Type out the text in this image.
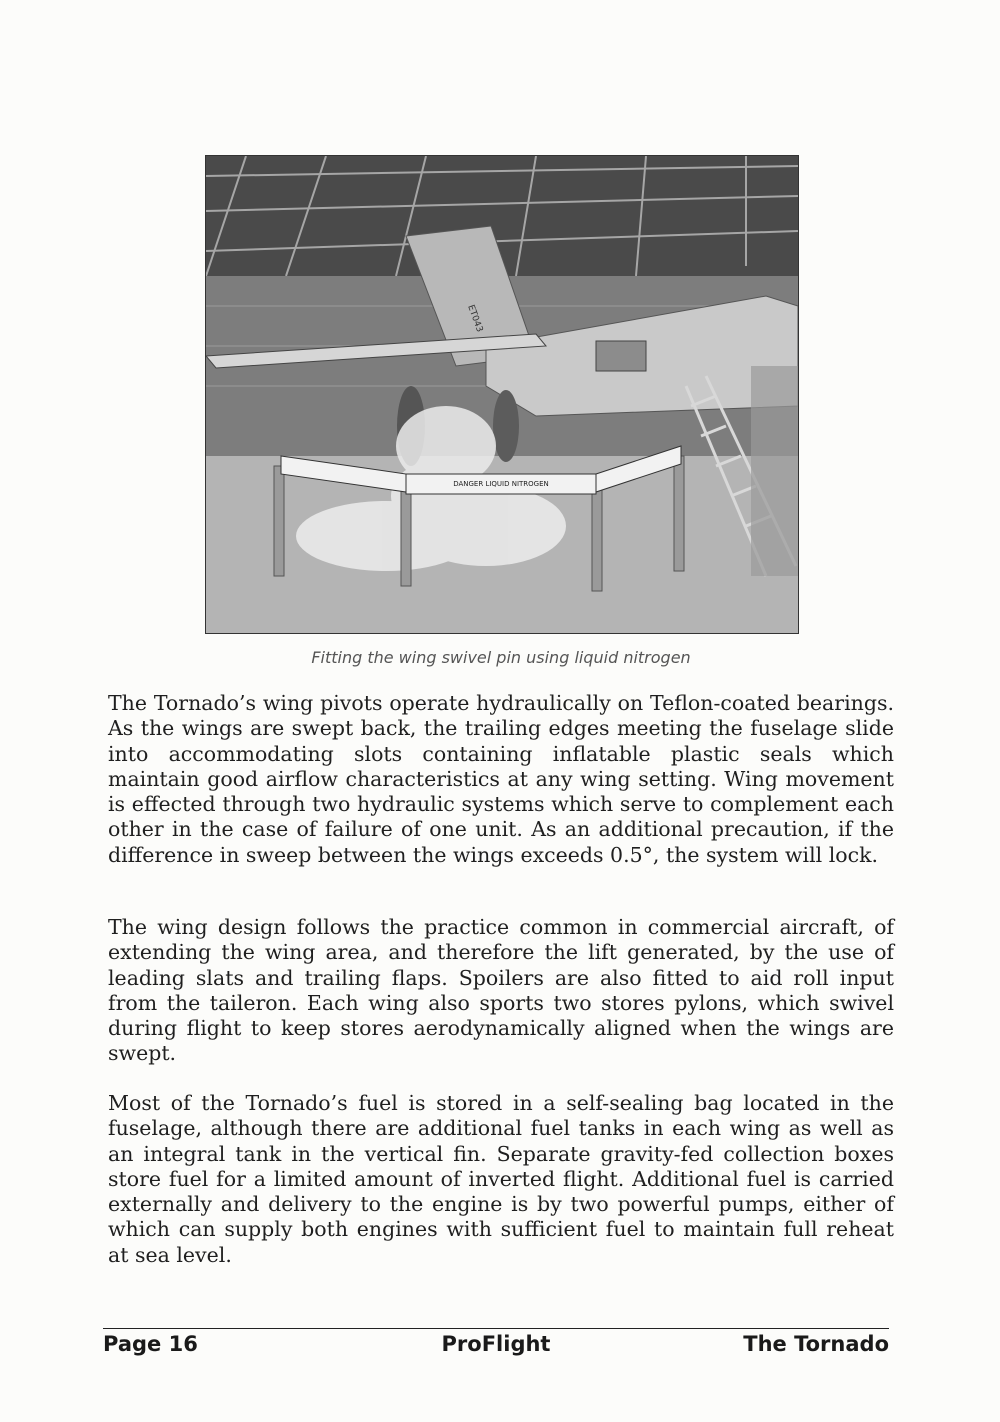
ET043
DANGER LIQUID NITROGEN
Fitting the wing swivel pin using liquid nitrogen
The Tornado’s wing pivots operate hydraulically on Teflon-coated bearings. As the wings are swept back, the trailing edges meeting the fuselage slide into accommodating slots containing inflatable plastic seals which maintain good airflow characteristics at any wing setting. Wing movement is effected through two hydraulic systems which serve to complement each other in the case of failure of one unit. As an additional precaution, if the difference in sweep between the wings exceeds 0.5°, the system will lock.
The wing design follows the practice common in commercial aircraft, of extending the wing area, and therefore the lift generated, by the use of leading slats and trailing flaps. Spoilers are also fitted to aid roll input from the taileron. Each wing also sports two stores pylons, which swivel during flight to keep stores aerodynamically aligned when the wings are swept.
Most of the Tornado’s fuel is stored in a self-sealing bag located in the fuselage, although there are additional fuel tanks in each wing as well as an integral tank in the vertical fin. Separate gravity-fed collection boxes store fuel for a limited amount of inverted flight. Additional fuel is carried externally and delivery to the engine is by two powerful pumps, either of which can supply both engines with sufficient fuel to maintain full reheat at sea level.
Page 16	ProFlight	The Tornado
